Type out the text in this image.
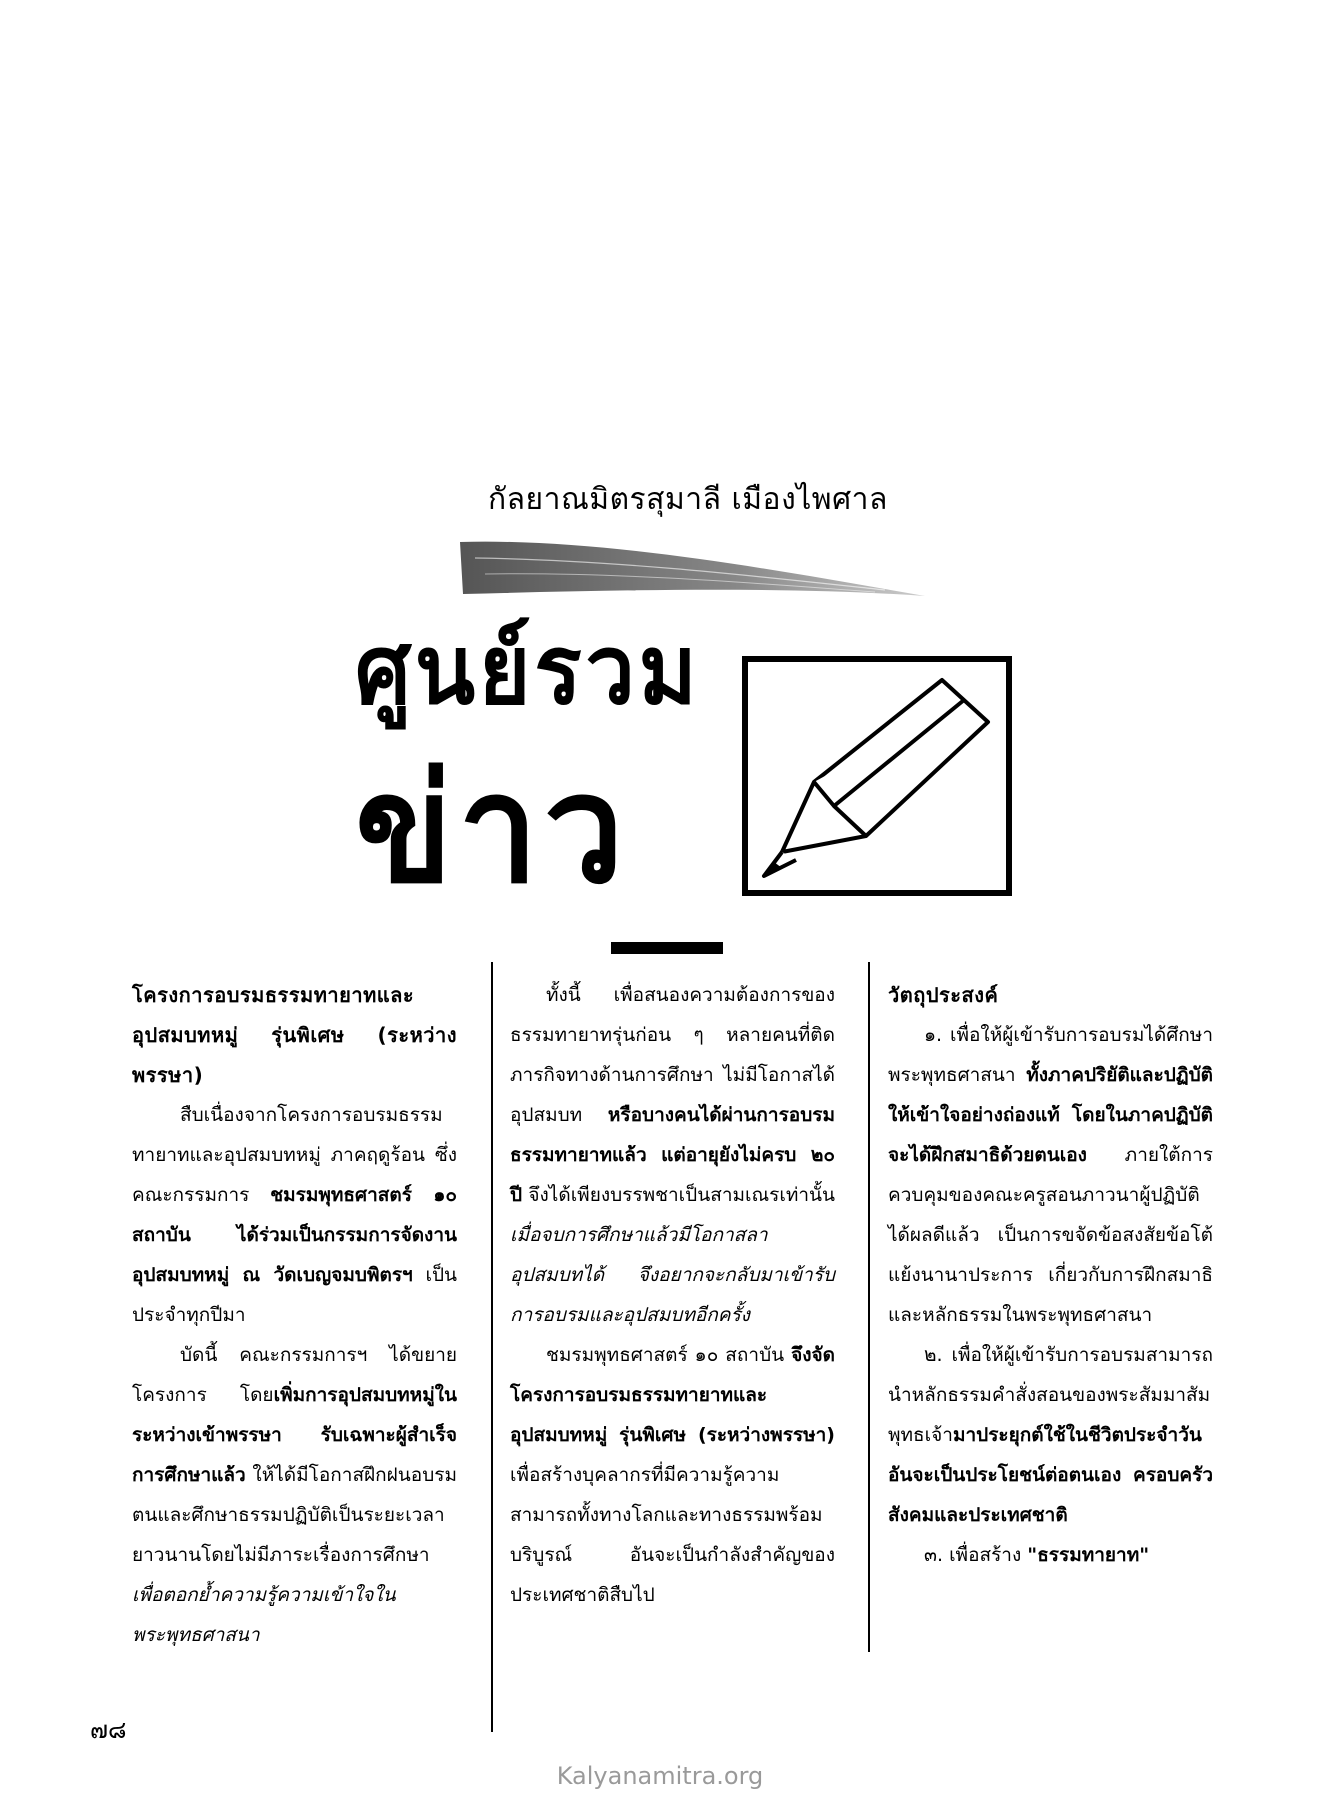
กัลยาณมิตรสุมาลี เมืองไพศาล
ศูนย์รวม
ข่าว

โครงการอบรมธรรมทายาทและอุปสมบทหมู่ รุ่นพิเศษ (ระหว่างพรรษา)

สืบเนื่องจากโครงการอบรมธรรมทายาทและอุปสมบทหมู่ ภาคฤดูร้อน ซึ่งคณะกรรมการ ชมรมพุทธศาสตร์ ๑๐ สถาบัน ได้ร่วมเป็นกรรมการจัดงานอุปสมบทหมู่ ณ วัดเบญจมบพิตรฯ เป็นประจำทุกปีมา

บัดนี้ คณะกรรมการฯ ได้ขยายโครงการ โดยเพิ่มการอุปสมบทหมู่ในระหว่างเข้าพรรษา รับเฉพาะผู้สำเร็จการศึกษาแล้ว ให้ได้มีโอกาสฝึกฝนอบรมตนและศึกษาธรรมปฏิบัติเป็นระยะเวลายาวนานโดยไม่มีภาระเรื่องการศึกษา เพื่อตอกย้ำความรู้ความเข้าใจในพระพุทธศาสนา

ทั้งนี้ เพื่อสนองความต้องการของธรรมทายาทรุ่นก่อน ๆ หลายคนที่ติดภารกิจทางด้านการศึกษา ไม่มีโอกาสได้อุปสมบท หรือบางคนได้ผ่านการอบรมธรรมทายาทแล้ว แต่อายุยังไม่ครบ ๒๐ ปี จึงได้เพียงบรรพชาเป็นสามเณรเท่านั้น เมื่อจบการศึกษาแล้วมีโอกาสลาอุปสมบทได้ จึงอยากจะกลับมาเข้ารับการอบรมและอุปสมบทอีกครั้ง

ชมรมพุทธศาสตร์ ๑๐ สถาบัน จึงจัดโครงการอบรมธรรมทายาทและอุปสมบทหมู่ รุ่นพิเศษ (ระหว่างพรรษา) เพื่อสร้างบุคลากรที่มีความรู้ความสามารถทั้งทางโลกและทางธรรมพร้อมบริบูรณ์ อันจะเป็นกำลังสำคัญของประเทศชาติสืบไป

วัตถุประสงค์

๑. เพื่อให้ผู้เข้ารับการอบรมได้ศึกษาพระพุทธศาสนา ทั้งภาคปริยัติและปฏิบัติให้เข้าใจอย่างถ่องแท้ โดยในภาคปฏิบัติจะได้ฝึกสมาธิด้วยตนเอง ภายใต้การควบคุมของคณะครูสอนภาวนาผู้ปฏิบัติได้ผลดีแล้ว เป็นการขจัดข้อสงสัยข้อโต้แย้งนานาประการ เกี่ยวกับการฝึกสมาธิและหลักธรรมในพระพุทธศาสนา

๒. เพื่อให้ผู้เข้ารับการอบรมสามารถนำหลักธรรมคำสั่งสอนของพระสัมมาสัมพุทธเจ้ามาประยุกต์ใช้ในชีวิตประจำวัน อันจะเป็นประโยชน์ต่อตนเอง ครอบครัว สังคมและประเทศชาติ

๓. เพื่อสร้าง "ธรรมทายาท"

๗๘
Kalyanamitra.org
